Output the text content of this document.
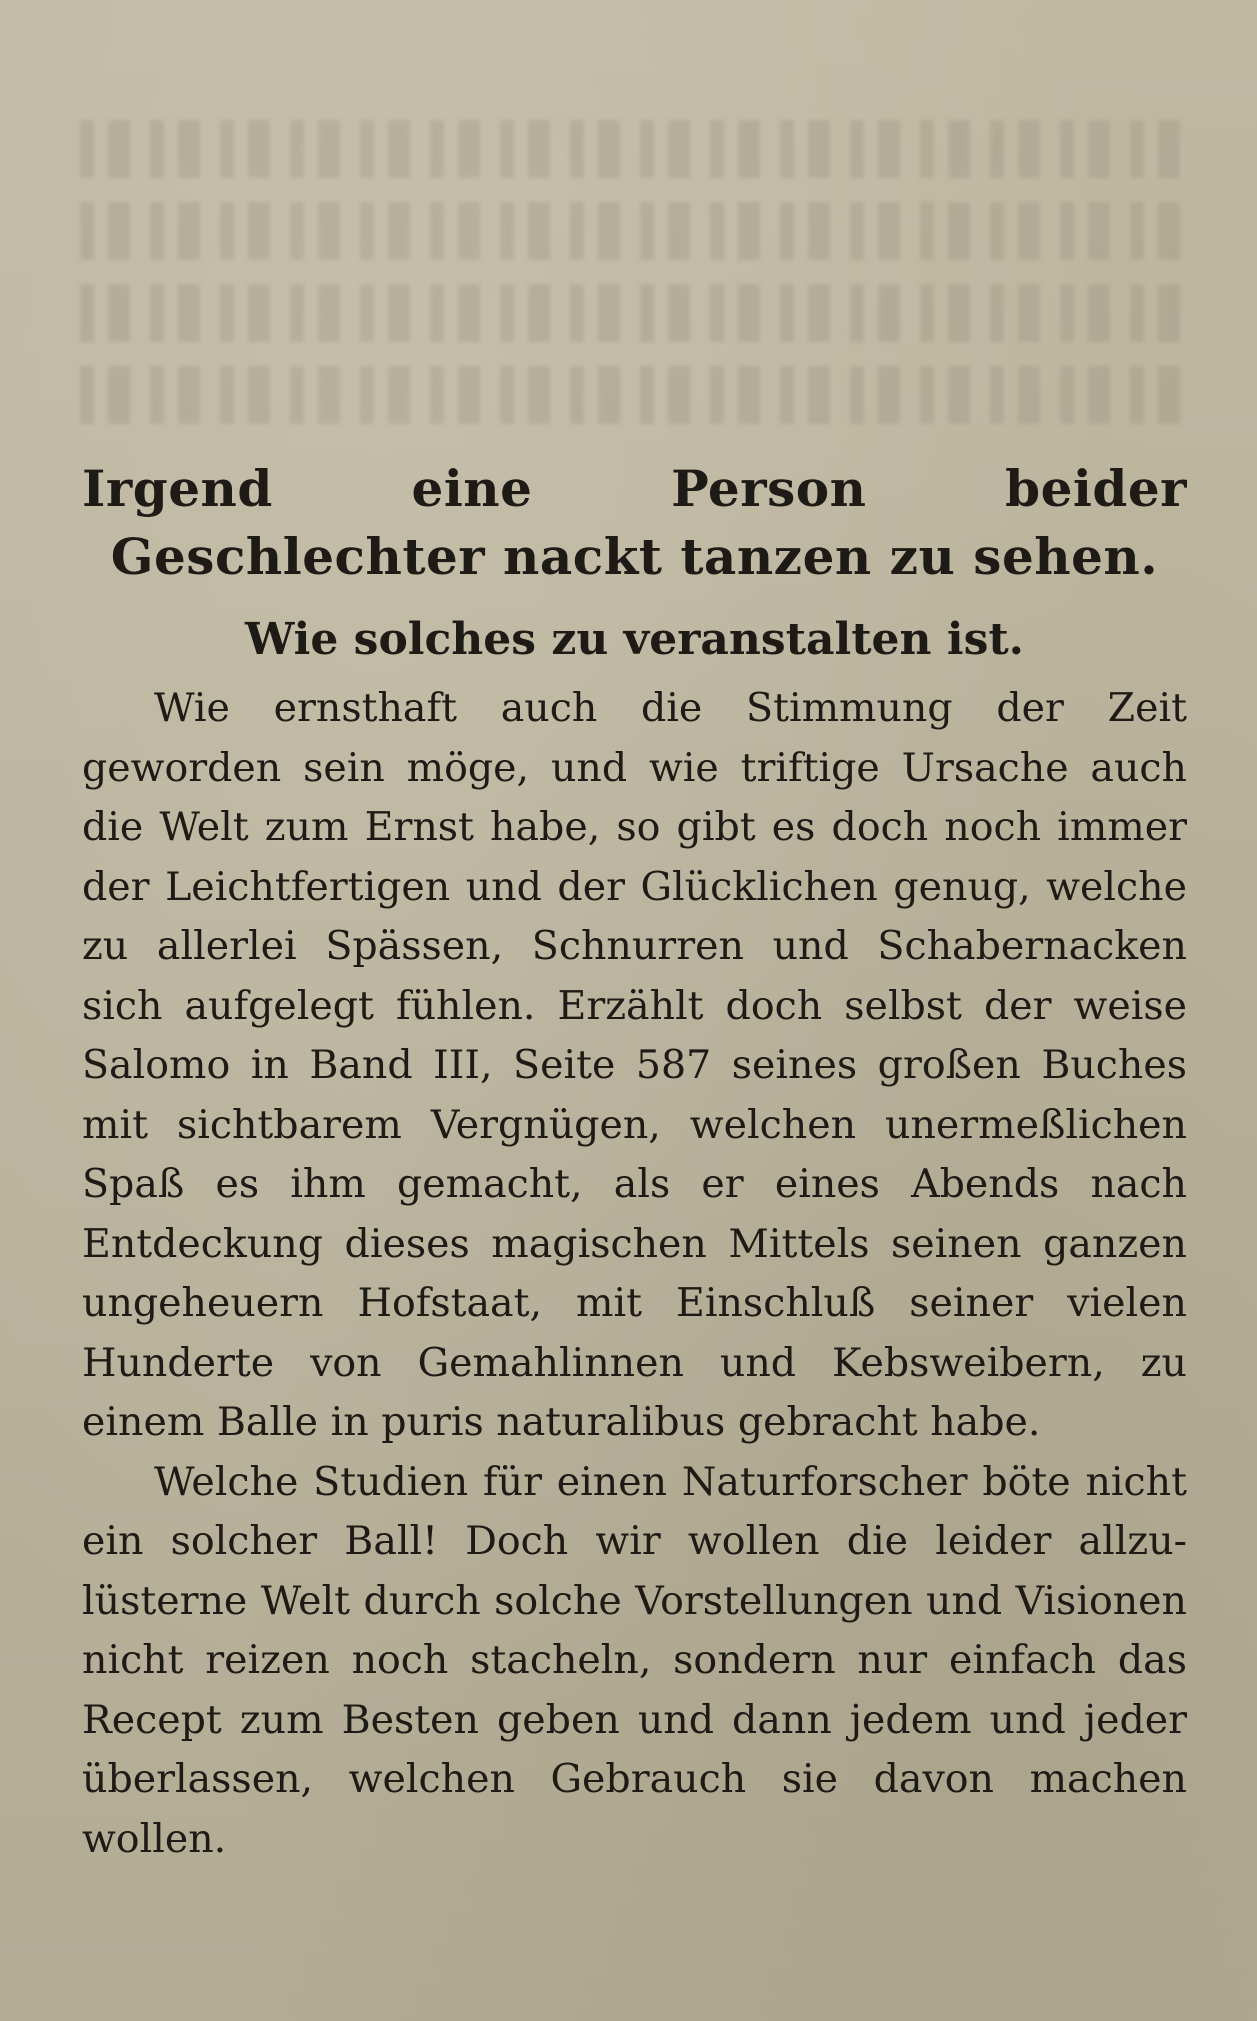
Irgend eine Person beider Geschlechter nackt tanzen zu sehen.
Wie solches zu veranstalten ist.

Wie ernsthaft auch die Stimmung der Zeit geworden sein möge, und wie triftige Ursache auch die Welt zum Ernst habe, so gibt es doch noch immer der Leichtfertigen und der Glücklichen genug, welche zu allerlei Spässen, Schnurren und Schabernacken sich aufgelegt fühlen. Erzählt doch selbst der weise Salomo in Band III, Seite 587 seines großen Buches mit sichtbarem Vergnügen, welchen unermeßlichen Spaß es ihm gemacht, als er eines Abends nach Entdeckung dieses magischen Mittels seinen ganzen ungeheuern Hofstaat, mit Einschluß seiner vielen Hunderte von Gemahlinnen und Kebsweibern, zu einem Balle in puris naturalibus gebracht habe.

Welche Studien für einen Naturforscher böte nicht ein solcher Ball! Doch wir wollen die leider allzulüsterne Welt durch solche Vorstellungen und Visionen nicht reizen noch stacheln, sondern nur einfach das Recept zum Besten geben und dann jedem und jeder überlassen, welchen Gebrauch sie davon machen wollen.
